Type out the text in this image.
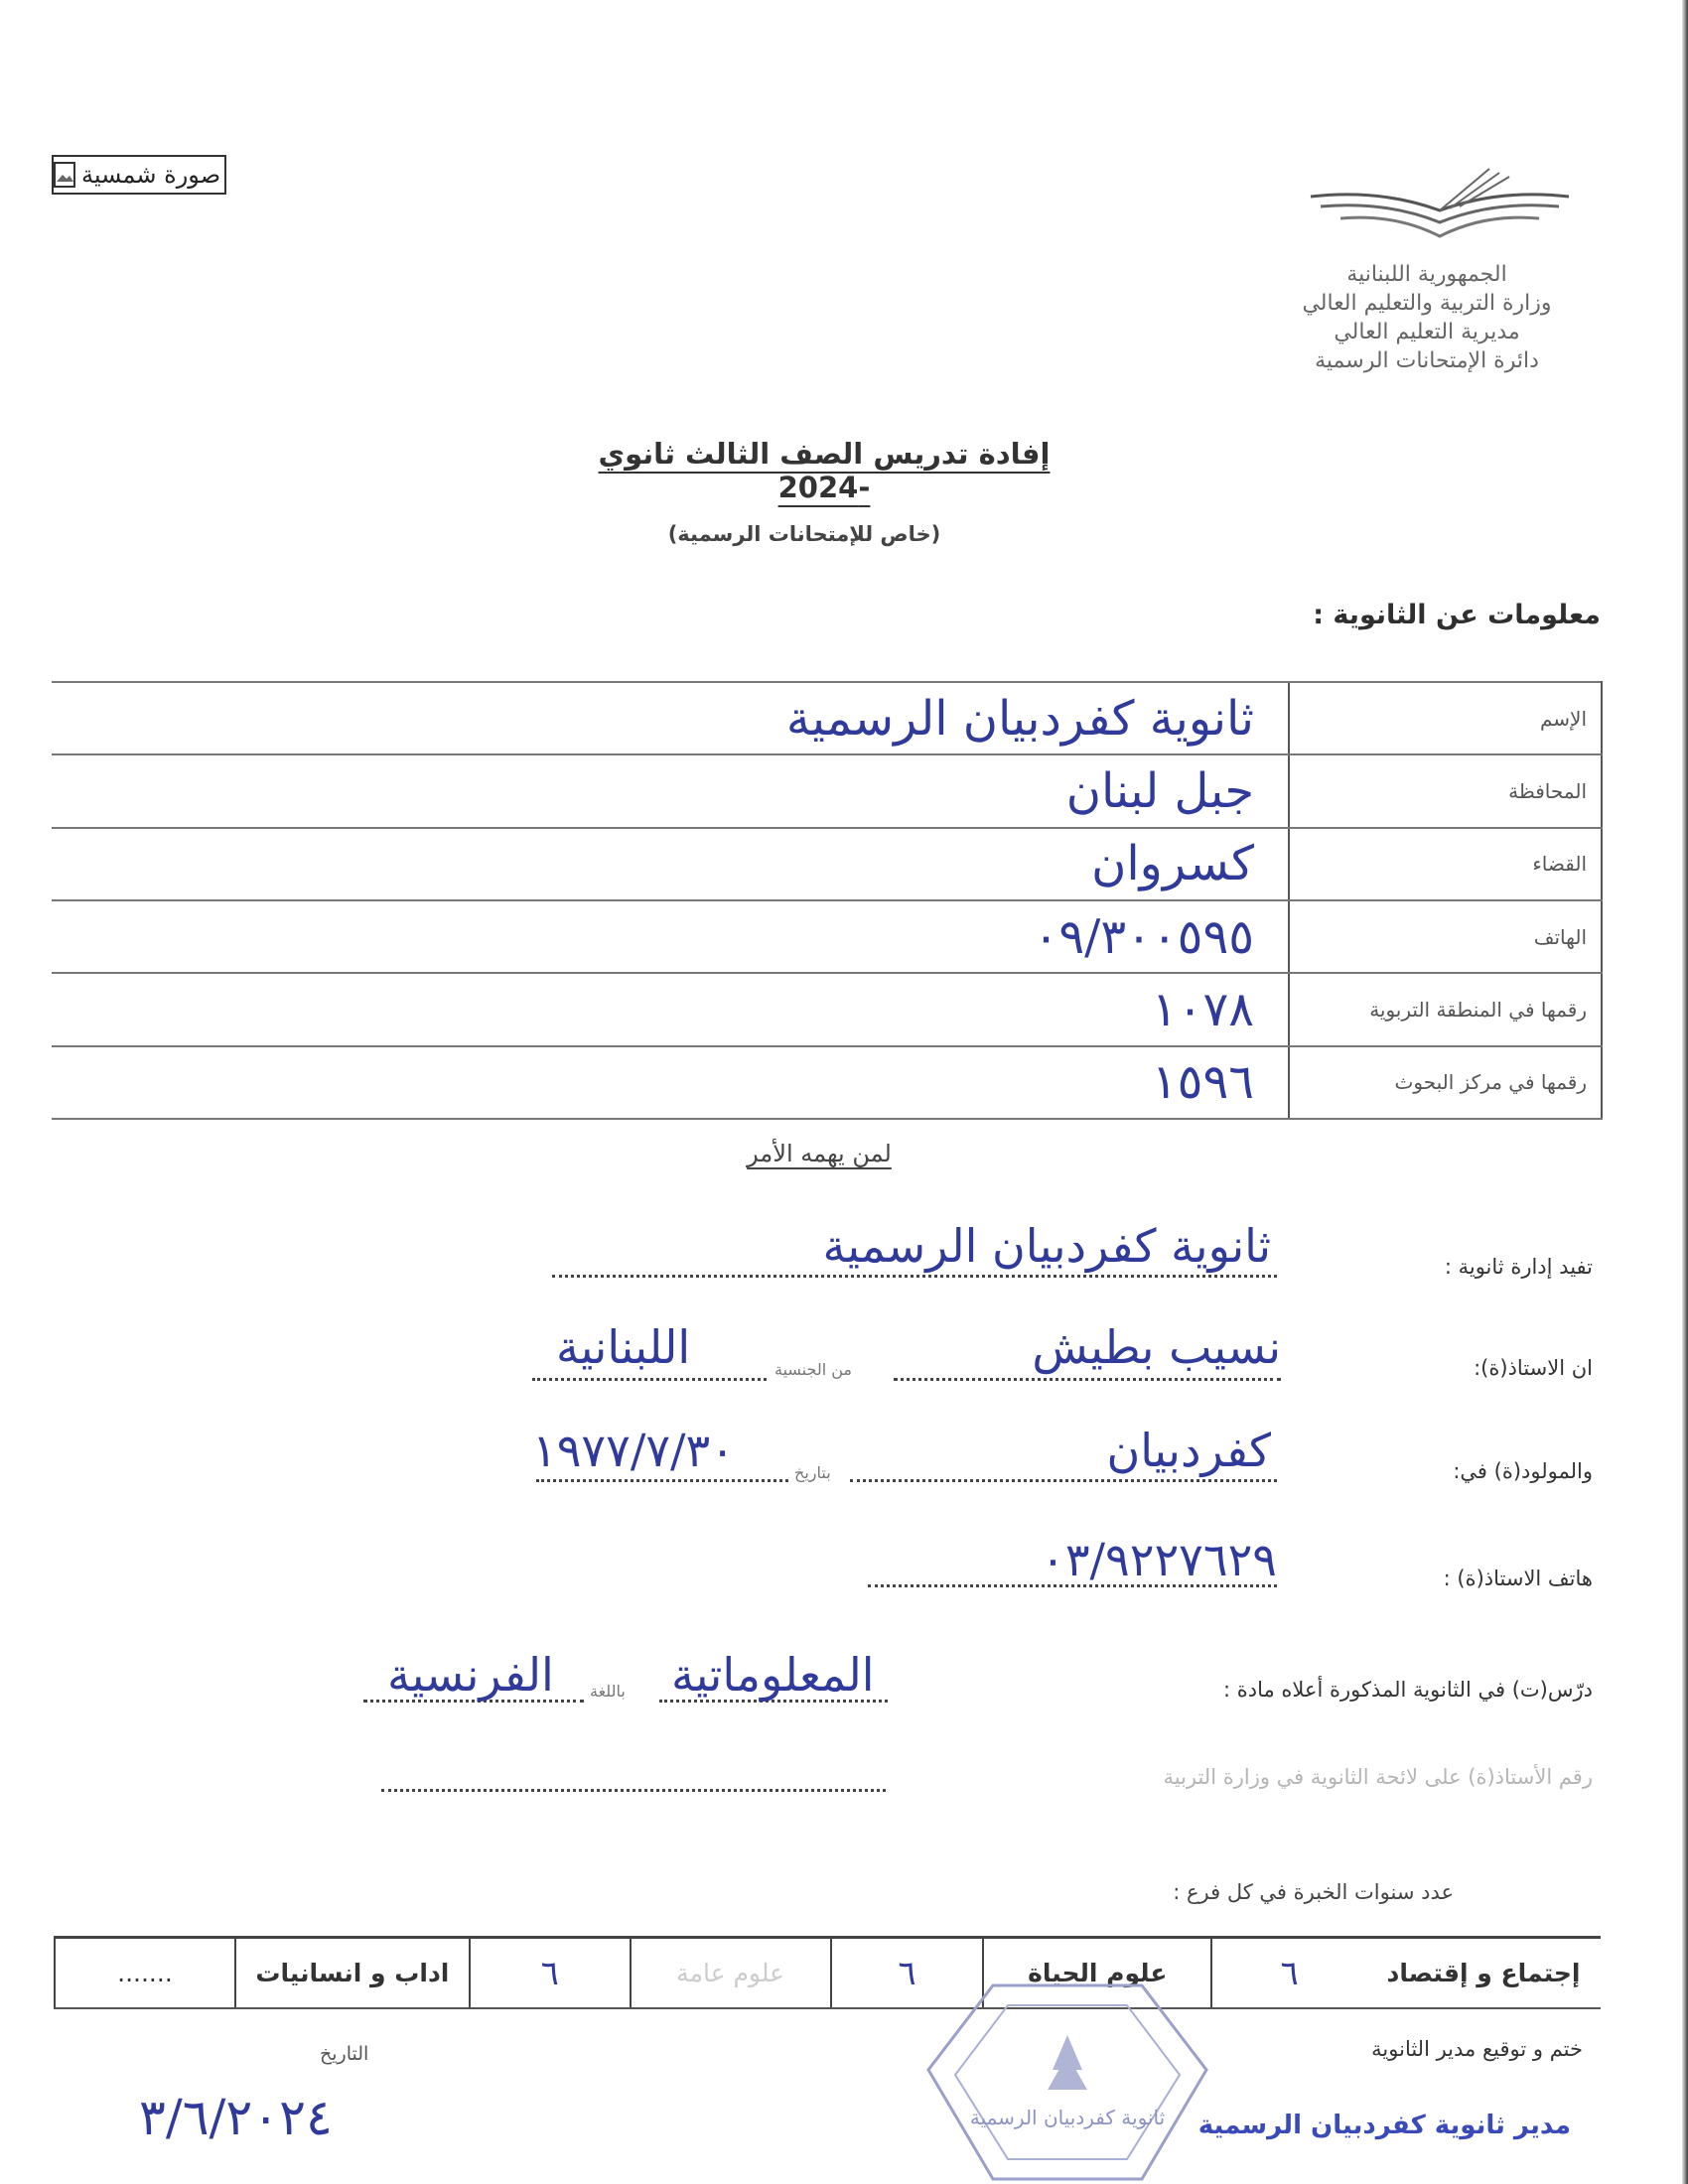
صورة شمسية
الجمهورية اللبنانية
وزارة التربية والتعليم العالي
مديرية التعليم العالي
دائرة الإمتحانات الرسمية
إفادة تدريس الصف الثالث ثانوي -2024
(خاص للإمتحانات الرسمية)
معلومات عن الثانوية :
ثانوية كفردبيان الرسمية	الإسم
جبل لبنان	المحافظة
كسروان	القضاء
٠٩/٣٠٠٥٩٥	الهاتف
١٠٧٨	رقمها في المنطقة التربوية
١٥٩٦	رقمها في مركز البحوث
لمن يهمه الأمر
تفيد إدارة ثانوية :
ثانوية كفردبيان الرسمية
ان الاستاذ(ة):
نسيب بطيش
من الجنسية
اللبنانية
والمولود(ة) في:
كفردبيان
بتاريخ
١٩٧٧/٧/٣٠
هاتف الاستاذ(ة) :
٠٣/٩٢٢٧٦٢٩
درّس(ت) في الثانوية المذكورة أعلاه مادة :
المعلوماتية
باللغة
الفرنسية
رقم الأستاذ(ة) على لائحة الثانوية في وزارة التربية
عدد سنوات الخبرة في كل فرع :
إجتماع و إقتصاد	٦	علوم الحياة	٦	علوم عامة	٦	اداب و انسانيات	.......
ختم و توقيع مدير الثانوية
التاريخ
٣/٦/٢٠٢٤	ثانوية كفردبيان الرسمية مدير ثانوية كفردبيان الرسمية
